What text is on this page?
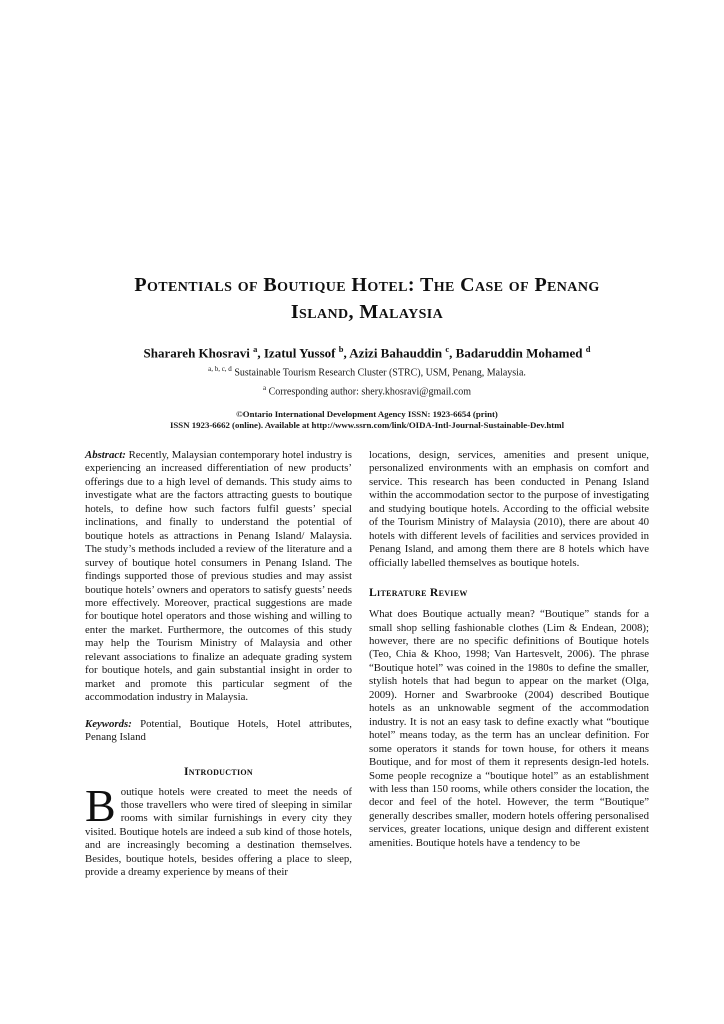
Potentials of Boutique Hotel: The Case of Penang
Island, Malaysia

Sharareh Khosravi $^a$, Izatul Yussof $^b$, Azizi Bahauddin $^c$, Badaruddin Mohamed $^d$

$^{a, b, c, d}$ Sustainable Tourism Research Cluster (STRC), USM, Penang, Malaysia.

$^a$ Corresponding author: shery.khosravi@gmail.com

©Ontario International Development Agency ISSN: 1923-6654 (print)

ISSN 1923-6662 (online). Available at http://www.ssrn.com/link/OIDA-Intl-Journal-Sustainable-Dev.html

Abstract: Recently, Malaysian contemporary hotel industry is experiencing an increased differentiation of new products’ offerings due to a high level of demands. This study aims to investigate what are the factors attracting guests to boutique hotels, to define how such factors fulfil guests’ special inclinations, and finally to understand the potential of boutique hotels as attractions in Penang Island/ Malaysia. The study’s methods included a review of the literature and a survey of boutique hotel consumers in Penang Island. The findings supported those of previous studies and may assist boutique hotels’ owners and operators to satisfy guests’ needs more effectively. Moreover, practical suggestions are made for boutique hotel operators and those wishing and willing to enter the market. Furthermore, the outcomes of this study may help the Tourism Ministry of Malaysia and other relevant associations to finalize an adequate grading system for boutique hotels, and gain substantial insight in order to market and promote this particular segment of the accommodation industry in Malaysia.

Keywords: Potential, Boutique Hotels, Hotel attributes, Penang Island

Introduction

Boutique hotels were created to meet the needs of those travellers who were tired of sleeping in similar rooms with similar furnishings in every city they visited. Boutique hotels are indeed a sub kind of those hotels, and are increasingly becoming a destination themselves. Besides, boutique hotels, besides offering a place to sleep, provide a dreamy experience by means of their

locations, design, services, amenities and present unique, personalized environments with an emphasis on comfort and service. This research has been conducted in Penang Island within the accommodation sector to the purpose of investigating and studying boutique hotels. According to the official website of the Tourism Ministry of Malaysia (2010), there are about 40 hotels with different levels of facilities and services provided in Penang Island, and among them there are 8 hotels which have officially labelled themselves as boutique hotels.

Literature Review

What does Boutique actually mean? “Boutique” stands for a small shop selling fashionable clothes (Lim & Endean, 2008); however, there are no specific definitions of Boutique hotels (Teo, Chia & Khoo, 1998; Van Hartesvelt, 2006). The phrase “Boutique hotel” was coined in the 1980s to define the smaller, stylish hotels that had begun to appear on the market (Olga, 2009). Horner and Swarbrooke (2004) described Boutique hotels as an unknowable segment of the accommodation industry. It is not an easy task to define exactly what “boutique hotel” means today, as the term has an unclear definition. For some operators it stands for town house, for others it means Boutique, and for most of them it represents design-led hotels. Some people recognize a “boutique hotel” as an establishment with less than 150 rooms, while others consider the location, the decor and feel of the hotel. However, the term “Boutique” generally describes smaller, modern hotels offering personalised services, greater locations, unique design and different existent amenities. Boutique hotels have a tendency to be
